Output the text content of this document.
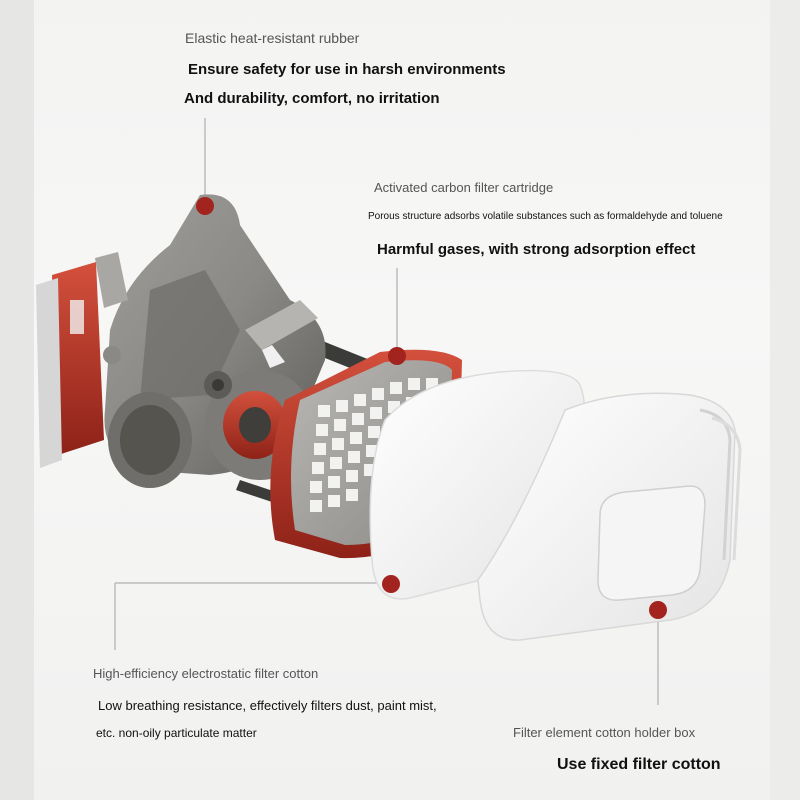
Elastic heat-resistant rubber
Ensure safety for use in harsh environments
And durability, comfort, no irritation
Activated carbon filter cartridge
Porous structure adsorbs volatile substances such as formaldehyde and toluene
Harmful gases, with strong adsorption effect
High-efficiency electrostatic filter cotton
Low breathing resistance, effectively filters dust, paint mist,
etc. non-oily particulate matter	Filter element cotton holder box
Use fixed filter cotton
